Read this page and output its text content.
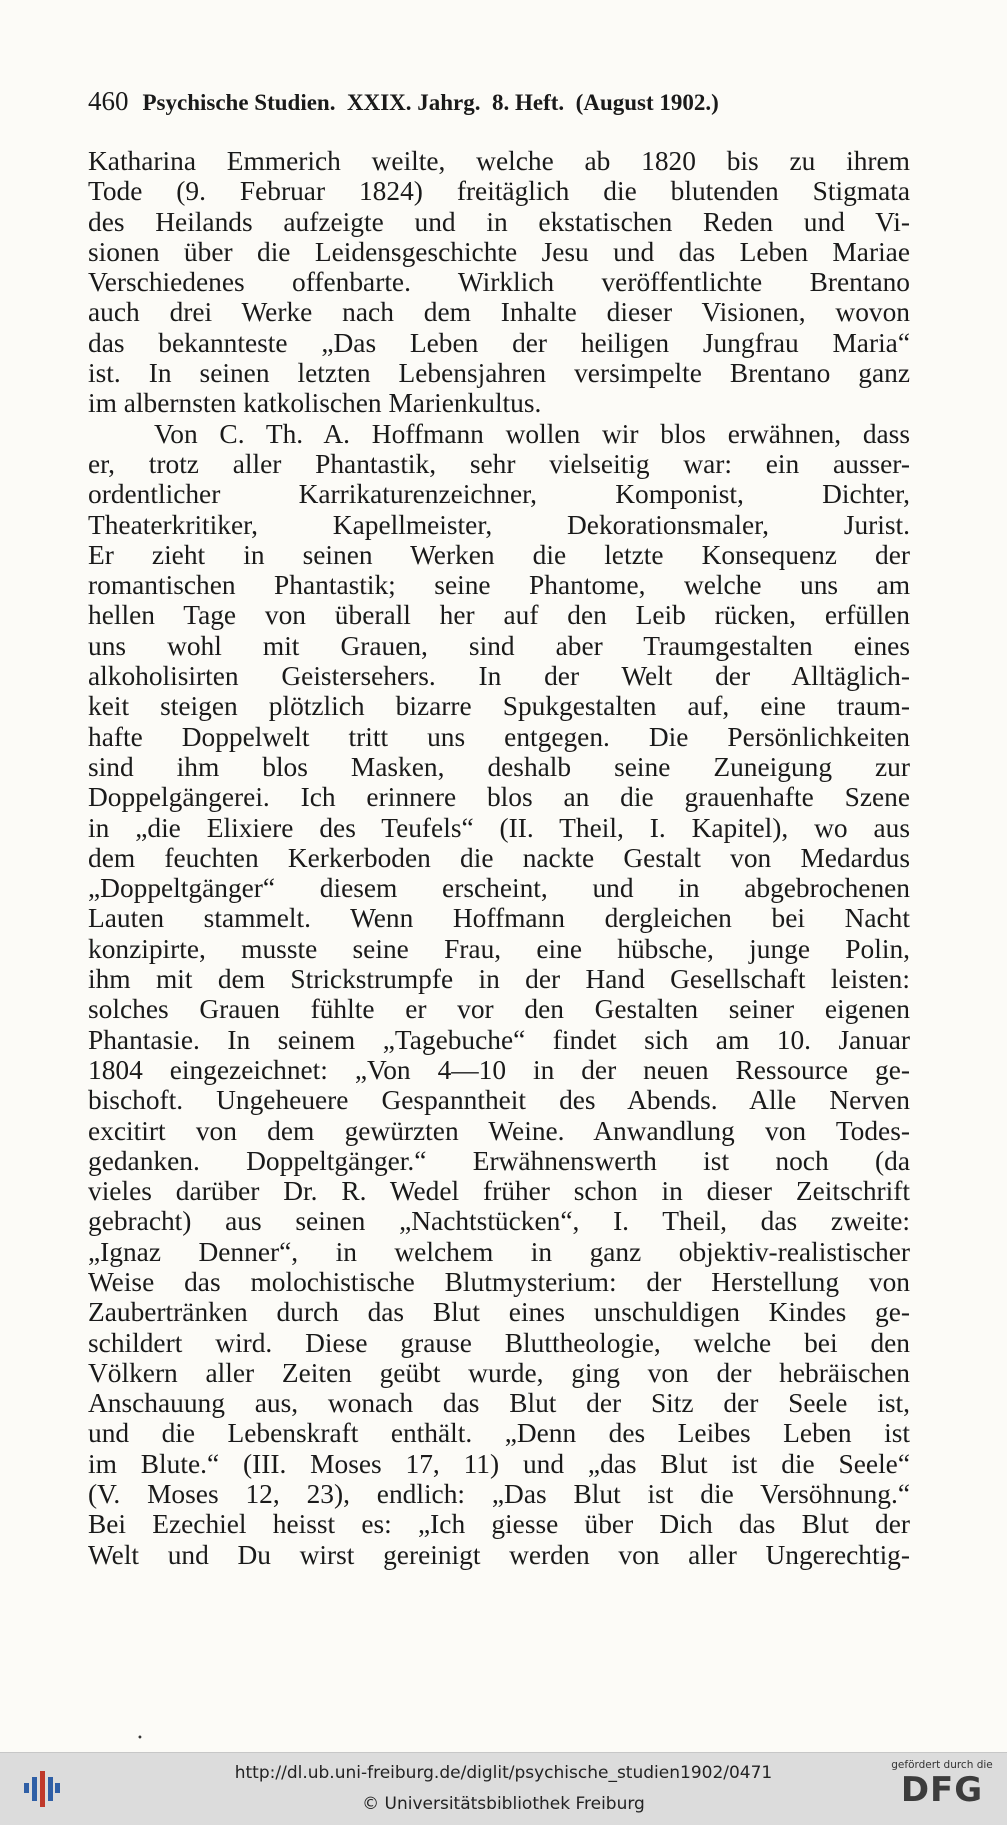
460 Psychische Studien.  XXIX. Jahrg.  8. Heft.  (August 1902.)
Katharina Emmerich weilte, welche ab 1820 bis zu ihrem
Tode (9. Februar 1824) freitäglich die blutenden Stigmata
des Heilands aufzeigte und in ekstatischen Reden und Vi-
sionen über die Leidensgeschichte Jesu und das Leben Mariae
Verschiedenes offenbarte. Wirklich veröffentlichte Brentano
auch drei Werke nach dem Inhalte dieser Visionen, wovon
das bekannteste „Das Leben der heiligen Jungfrau Maria“
ist. In seinen letzten Lebensjahren versimpelte Brentano ganz
im albernsten katkolischen Marienkultus.
Von C. Th. A. Hoffmann wollen wir blos erwähnen, dass
er, trotz aller Phantastik, sehr vielseitig war: ein ausser-
ordentlicher Karrikaturenzeichner, Komponist, Dichter,
Theaterkritiker, Kapellmeister, Dekorationsmaler, Jurist.
Er zieht in seinen Werken die letzte Konsequenz der
romantischen Phantastik; seine Phantome, welche uns am
hellen Tage von überall her auf den Leib rücken, erfüllen
uns wohl mit Grauen, sind aber Traumgestalten eines
alkoholisirten Geistersehers. In der Welt der Alltäglich-
keit steigen plötzlich bizarre Spukgestalten auf, eine traum-
hafte Doppelwelt tritt uns entgegen. Die Persönlichkeiten
sind ihm blos Masken, deshalb seine Zuneigung zur
Doppelgängerei. Ich erinnere blos an die grauenhafte Szene
in „die Elixiere des Teufels“ (II. Theil, I. Kapitel), wo aus
dem feuchten Kerkerboden die nackte Gestalt von Medardus
„Doppeltgänger“ diesem erscheint, und in abgebrochenen
Lauten stammelt. Wenn Hoffmann dergleichen bei Nacht
konzipirte, musste seine Frau, eine hübsche, junge Polin,
ihm mit dem Strickstrumpfe in der Hand Gesellschaft leisten:
solches Grauen fühlte er vor den Gestalten seiner eigenen
Phantasie. In seinem „Tagebuche“ findet sich am 10. Januar
1804 eingezeichnet: „Von 4—10 in der neuen Ressource ge-
bischoft. Ungeheuere Gespanntheit des Abends. Alle Nerven
excitirt von dem gewürzten Weine. Anwandlung von Todes-
gedanken. Doppeltgänger.“ Erwähnenswerth ist noch (da
vieles darüber Dr. R. Wedel früher schon in dieser Zeitschrift
gebracht) aus seinen „Nachtstücken“, I. Theil, das zweite:
„Ignaz Denner“, in welchem in ganz objektiv-realistischer
Weise das molochistische Blutmysterium: der Herstellung von
Zaubertränken durch das Blut eines unschuldigen Kindes ge-
schildert wird. Diese grause Bluttheologie, welche bei den
Völkern aller Zeiten geübt wurde, ging von der hebräischen
Anschauung aus, wonach das Blut der Sitz der Seele ist,
und die Lebenskraft enthält. „Denn des Leibes Leben ist
im Blute.“ (III. Moses 17, 11) und „das Blut ist die Seele“
(V. Moses 12, 23), endlich: „Das Blut ist die Versöhnung.“
Bei Ezechiel heisst es: „Ich giesse über Dich das Blut der
Welt und Du wirst gereinigt werden von aller Ungerechtig-
•
http://dl.ub.uni-freiburg.de/diglit/psychische_studien1902/0471
© Universitätsbibliothek Freiburg
gefördert durch die
DFG
